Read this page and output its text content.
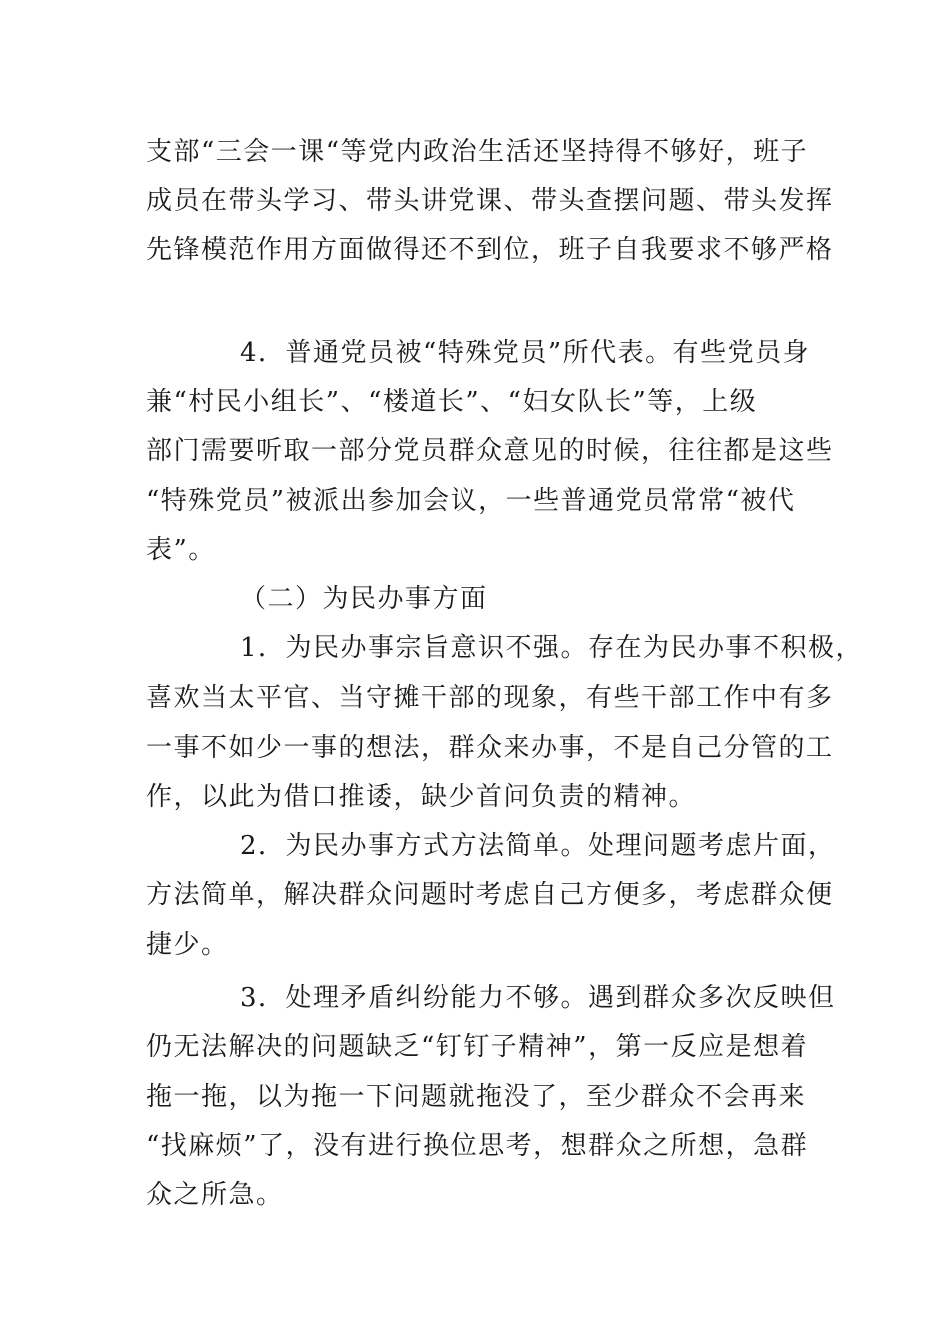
支部“三会一课“等党内政治生活还坚持得不够好，班子
成员在带头学习、带头讲党课、带头查摆问题、带头发挥
先锋模范作用方面做得还不到位，班子自我要求不够严格
4．普通党员被“特殊党员”所代表。有些党员身
兼“村民小组长”、“楼道长”、“妇女队长”等，上级
部门需要听取一部分党员群众意见的时候，往往都是这些
“特殊党员”被派出参加会议，一些普通党员常常“被代
表”。
（二）为民办事方面
1．为民办事宗旨意识不强。存在为民办事不积极，
喜欢当太平官、当守摊干部的现象，有些干部工作中有多
一事不如少一事的想法，群众来办事，不是自己分管的工
作，以此为借口推诿，缺少首问负责的精神。
2．为民办事方式方法简单。处理问题考虑片面，
方法简单，解决群众问题时考虑自己方便多，考虑群众便
捷少。
3．处理矛盾纠纷能力不够。遇到群众多次反映但
仍无法解决的问题缺乏“钉钉子精神”，第一反应是想着
拖一拖，以为拖一下问题就拖没了，至少群众不会再来
“找麻烦”了，没有进行换位思考，想群众之所想，急群
众之所急。
